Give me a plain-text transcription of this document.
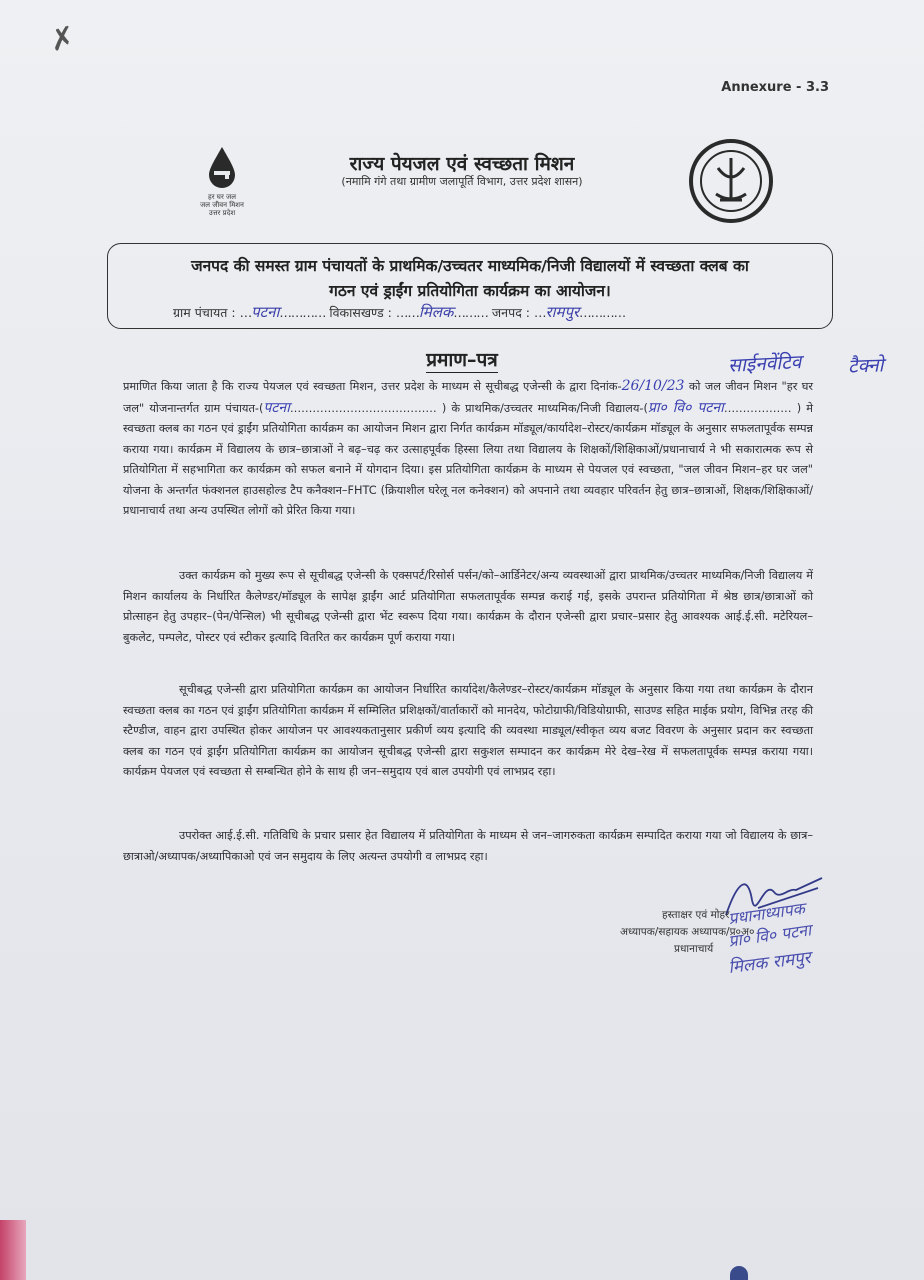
✗
Annexure - 3.3
हर घर जल
जल जीवन मिशन
उत्तर प्रदेश
राज्य पेयजल एवं स्वच्छता मिशन
(नमामि गंगे तथा ग्रामीण जलापूर्ति विभाग, उत्तर प्रदेश शासन)
जनपद की समस्त ग्राम पंचायतों के प्राथमिक/उच्चतर माध्यमिक/निजी विद्यालयों में स्वच्छता क्लब का
गठन एवं ड्राईंग प्रतियोगिता कार्यक्रम का आयोजन।
ग्राम पंचायत : …पटना………… विकासखण्ड : ……मिलक……… जनपद : …रामपुर…………
प्रमाण–पत्र	साईनवेंटिव टैक्नो
प्रमाणित किया जाता है कि राज्य पेयजल एवं स्वच्छता मिशन, उत्तर प्रदेश के माध्यम से सूचीबद्ध एजेन्सी के द्वारा दिनांक-26/10/23 को जल जीवन मिशन "हर घर जल" योजनान्तर्गत ग्राम पंचायत-(पटना………………………………… ) के प्राथमिक/उच्चतर माध्यमिक/निजी विद्यालय-(प्रा० वि० पटना……………… ) मे स्वच्छता क्लब का गठन एवं ड्राईंग प्रतियोगिता कार्यक्रम का आयोजन मिशन द्वारा निर्गत कार्यक्रम मॉड्यूल/कार्यादेश–रोस्टर/कार्यक्रम मॉड्यूल के अनुसार सफलतापूर्वक सम्पन्न कराया गया। कार्यक्रम में विद्यालय के छात्र–छात्राओं ने बढ़–चढ़ कर उत्साहपूर्वक हिस्सा लिया तथा विद्यालय के शिक्षकों/शिक्षिकाओं/प्रधानाचार्य ने भी सकारात्मक रूप से प्रतियोगिता में सहभागिता कर कार्यक्रम को सफल बनाने में योगदान दिया। इस प्रतियोगिता कार्यक्रम के माध्यम से पेयजल एवं स्वच्छता, "जल जीवन मिशन–हर घर जल" योजना के अन्तर्गत फंक्शनल हाउसहोल्ड टैप कनैक्शन–FHTC (क्रियाशील घरेलू नल कनेक्शन) को अपनाने तथा व्यवहार परिवर्तन हेतु छात्र–छात्राओं, शिक्षक/शिक्षिकाओं/प्रधानाचार्य तथा अन्य उपस्थित लोगों को प्रेरित किया गया।
उक्त कार्यक्रम को मुख्य रूप से सूचीबद्ध एजेन्सी के एक्सपर्ट/रिसोर्स पर्सन/को–आर्डिनेटर/अन्य व्यवस्थाओं द्वारा प्राथमिक/उच्चतर माध्यमिक/निजी विद्यालय में मिशन कार्यालय के निर्धारित कैलेण्डर/मॉड्यूल के सापेक्ष ड्राईंग आर्ट प्रतियोगिता सफलतापूर्वक सम्पन्न कराई गई, इसके उपरान्त प्रतियोगिता में श्रेष्ठ छात्र/छात्राओं को प्रोत्साहन हेतु उपहार–(पेन/पेन्सिल) भी सूचीबद्ध एजेन्सी द्वारा भेंट स्वरूप दिया गया। कार्यक्रम के दौरान एजेन्सी द्वारा प्रचार–प्रसार हेतु आवश्यक आई.ई.सी. मटेरियल–बुकलेट, पम्पलेट, पोस्टर एवं स्टीकर इत्यादि वितरित कर कार्यक्रम पूर्ण कराया गया।
सूचीबद्ध एजेन्सी द्वारा प्रतियोगिता कार्यक्रम का आयोजन निर्धारित कार्यादेश/कैलेण्डर–रोस्टर/कार्यक्रम मॉड्यूल के अनुसार किया गया तथा कार्यक्रम के दौरान स्वच्छता क्लब का गठन एवं ड्राईंग प्रतियोगिता कार्यक्रम में सम्मिलित प्रशिक्षकों/वार्ताकारों को मानदेय, फोटोग्राफी/विडियोग्राफी, साउण्ड सहित माईक प्रयोग, विभिन्न तरह की स्टैण्डीज, वाहन द्वारा उपस्थित होकर आयोजन पर आवश्यकतानुसार प्रकीर्ण व्यय इत्यादि की व्यवस्था माड्यूल/स्वीकृत व्यय बजट विवरण के अनुसार प्रदान कर स्वच्छता क्लब का गठन एवं ड्राईंग प्रतियोगिता कार्यक्रम का आयोजन सूचीबद्ध एजेन्सी द्वारा सकुशल सम्पादन कर कार्यक्रम मेरे देख–रेख में सफलतापूर्वक सम्पन्न कराया गया। कार्यक्रम पेयजल एवं स्वच्छता से सम्बन्धित होने के साथ ही जन–समुदाय एवं बाल उपयोगी एवं लाभप्रद रहा।
उपरोक्त आई.ई.सी. गतिविधि के प्रचार प्रसार हेत विद्यालय में प्रतियोगिता के माध्यम से जन–जागरुकता कार्यक्रम सम्पादित कराया गया जो विद्यालय के छात्र–छात्राओ/अध्यापक/अध्यापिकाओ एवं जन समुदाय के लिए अत्यन्त उपयोगी व लाभप्रद रहा।
हस्ताक्षर एवं मोहर
अध्यापक/सहायक अध्यापक/प्र०अ०
प्रधानाचार्य
प्रधानाध्यापक
प्रा० वि० पटना
मिलक रामपुर
